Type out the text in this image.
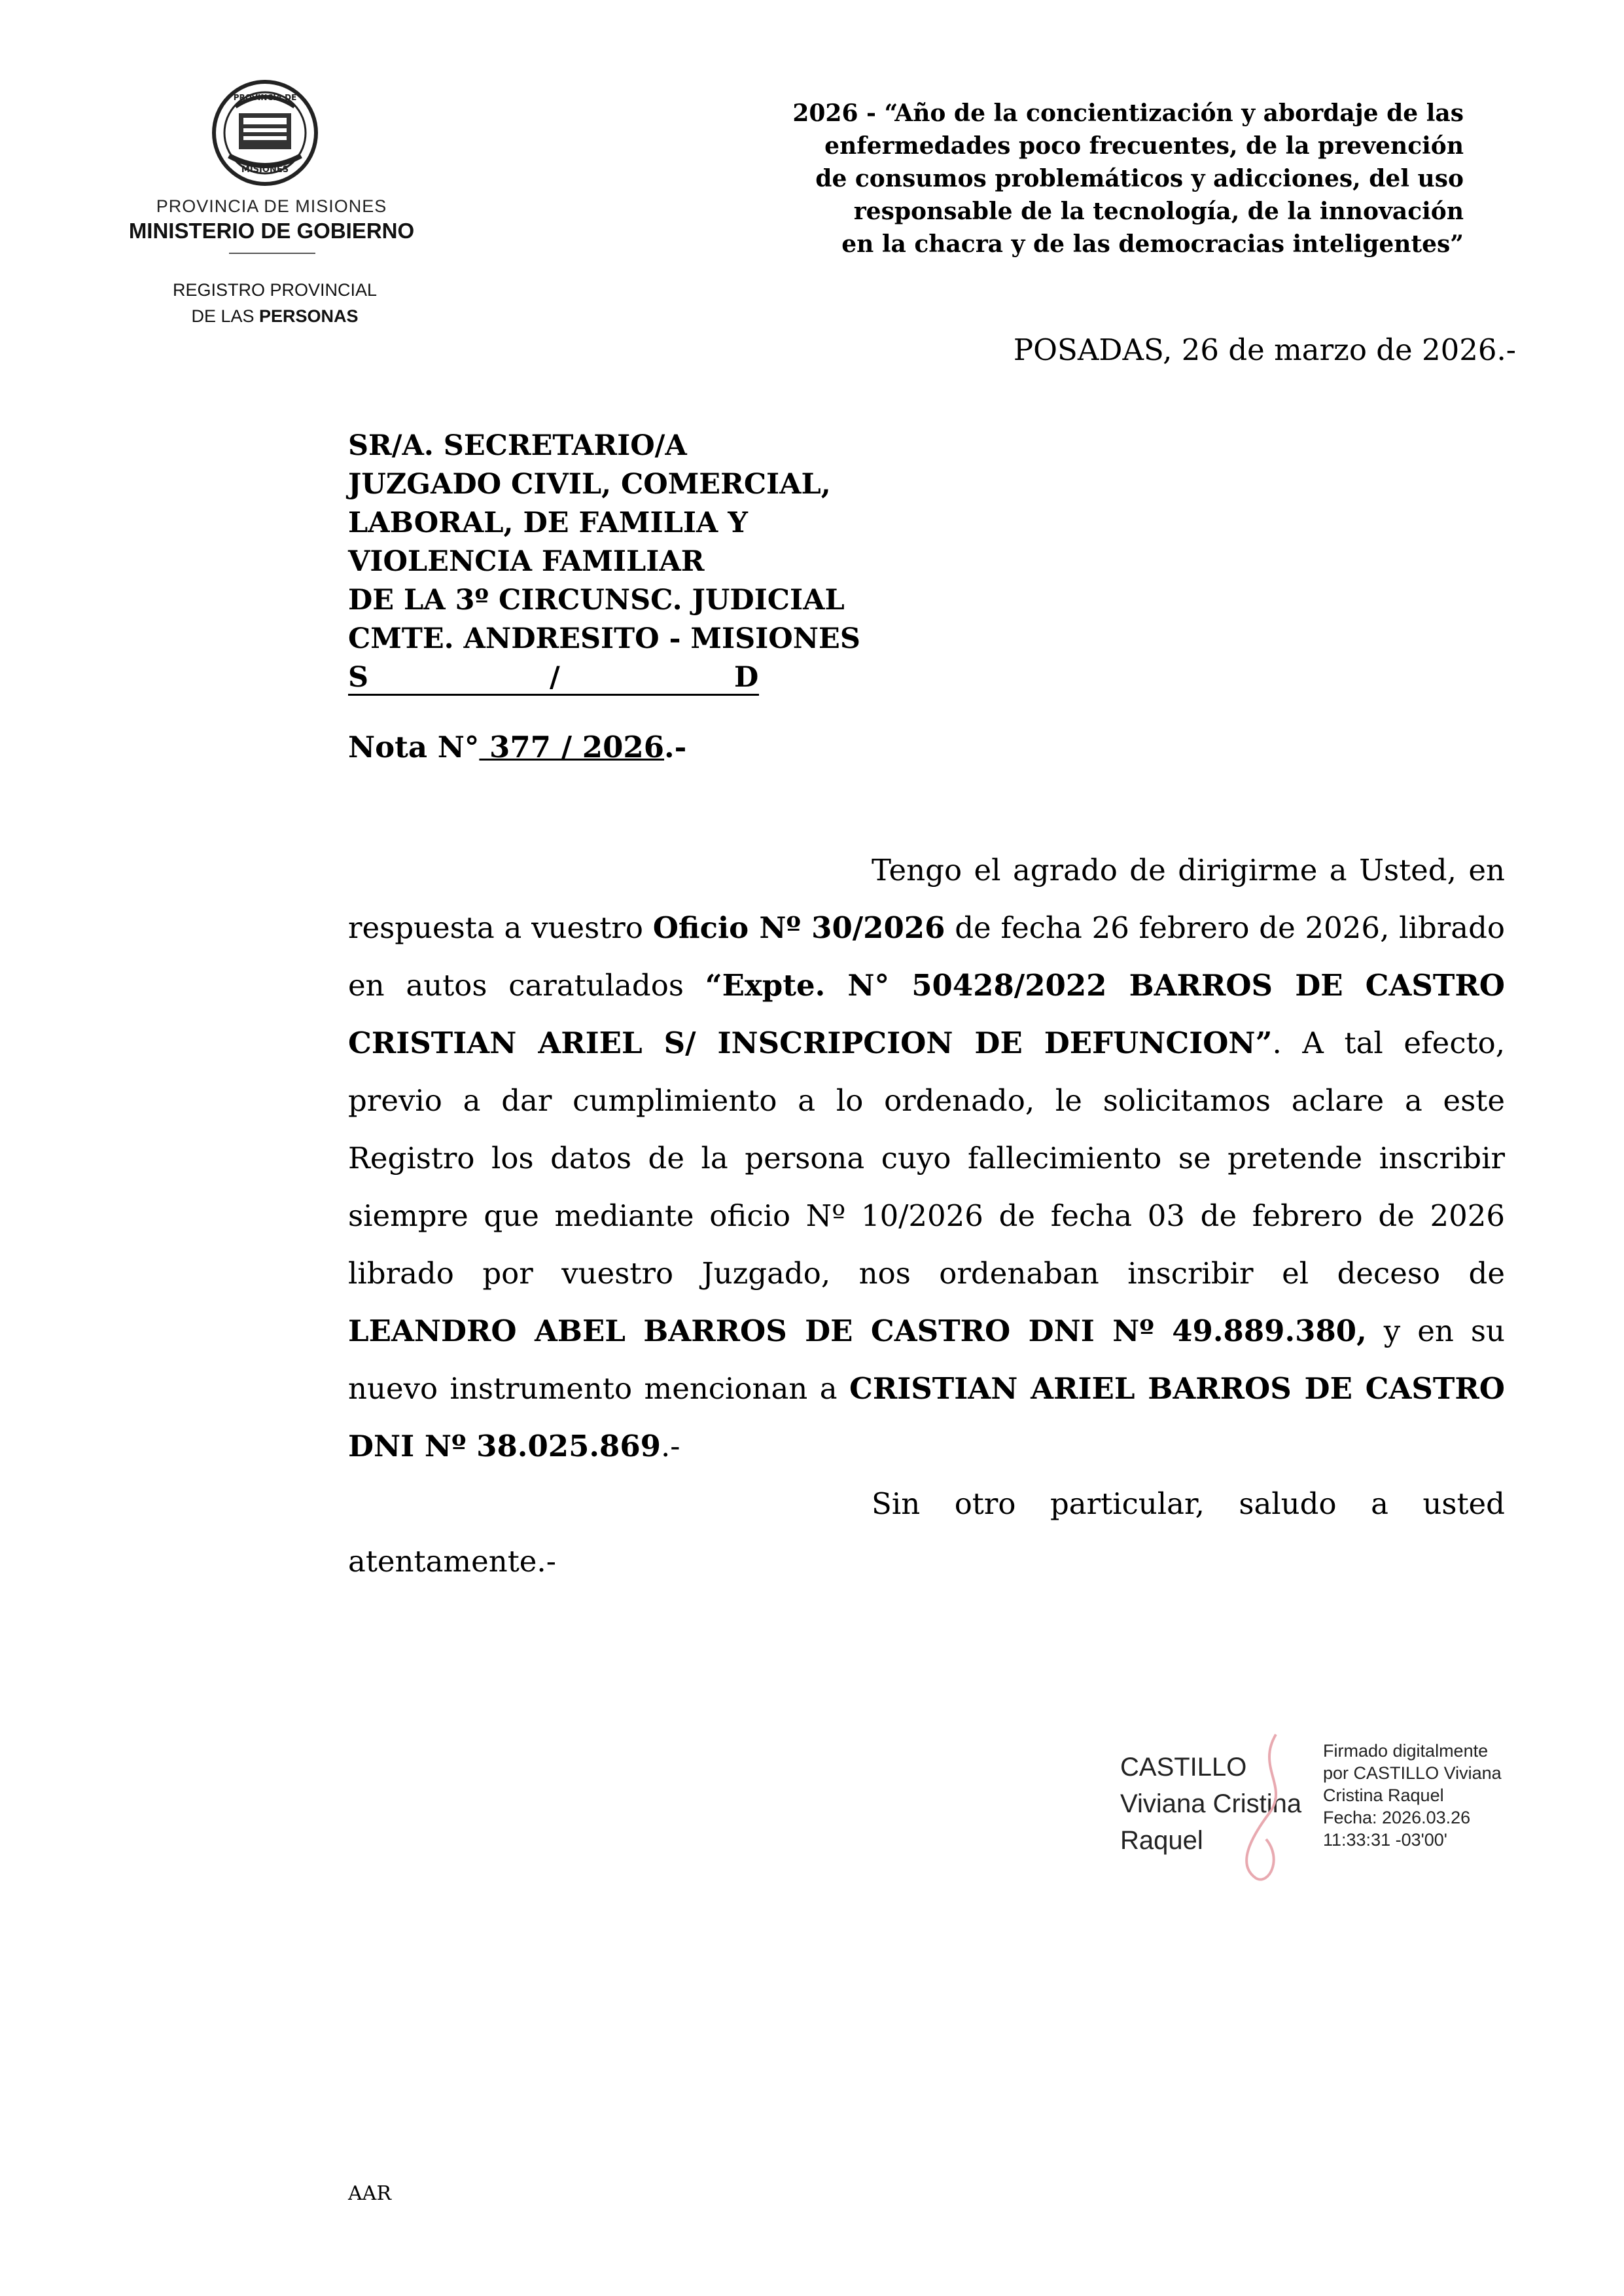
PROVINCIA DE
MISIONES
PROVINCIA DE MISIONES
MINISTERIO DE GOBIERNO
REGISTRO PROVINCIAL
DE LAS PERSONAS
2026 - “Año de la concientización y abordaje de las
enfermedades poco frecuentes, de la prevención
de consumos problemáticos y adicciones, del uso
responsable de la tecnología, de la innovación
en la chacra y de las democracias inteligentes”
POSADAS, 26 de marzo de 2026.-
SR/A. SECRETARIO/A
JUZGADO CIVIL, COMERCIAL,
LABORAL, DE FAMILIA Y
VIOLENCIA FAMILIAR
DE LA 3º CIRCUNSC. JUDICIAL
CMTE. ANDRESITO - MISIONES
S	/	D
Nota N° 377 / 2026.-

Tengo el agrado de dirigirme a Usted, en respuesta a vuestro Oficio Nº 30/2026 de fecha 26 febrero de 2026, librado en autos caratulados “Expte. N° 50428/2022 BARROS DE CASTRO CRISTIAN ARIEL S/ INSCRIPCION DE DEFUNCION”. A tal efecto, previo a dar cumplimiento a lo ordenado, le solicitamos aclare a este Registro los datos de la persona cuyo fallecimiento se pretende inscribir siempre que mediante oficio Nº 10/2026 de fecha 03 de febrero de 2026 librado por vuestro Juzgado, nos ordenaban inscribir el deceso de LEANDRO ABEL BARROS DE CASTRO DNI Nº 49.889.380, y en su nuevo instrumento mencionan a CRISTIAN ARIEL BARROS DE CASTRO DNI Nº 38.025.869.-

Sin otro particular, saludo a usted atentamente.-

CASTILLO
Viviana Cristina
Raquel
Firmado digitalmente
por CASTILLO Viviana
Cristina Raquel
Fecha: 2026.03.26
11:33:31 -03'00'
AAR
